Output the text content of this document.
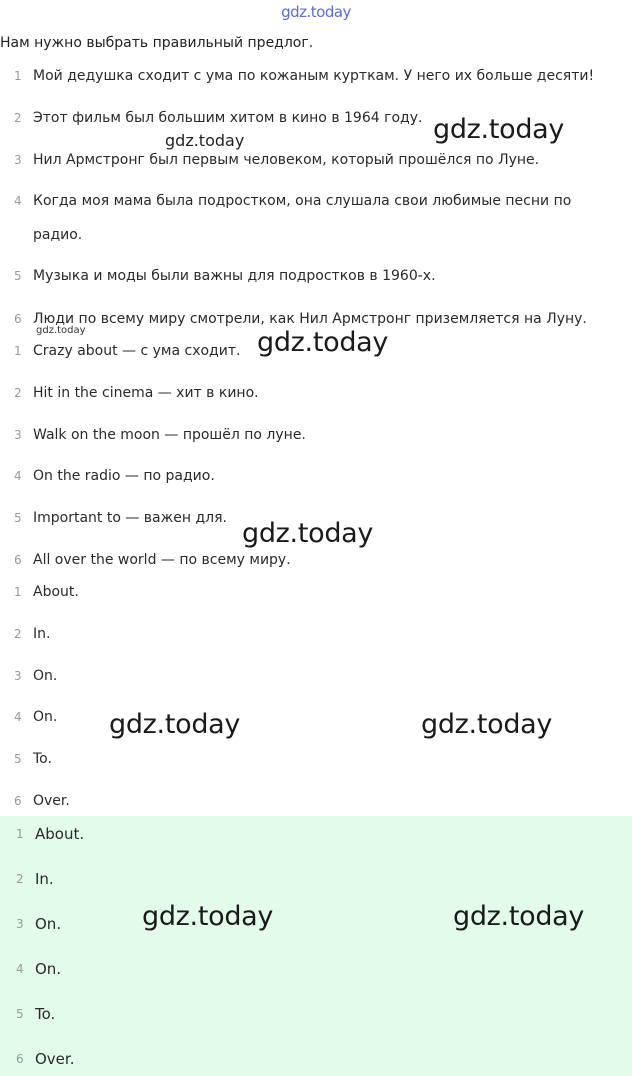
gdz.today
Нам нужно выбрать правильный предлог.
1 Мой дедушка сходит с ума по кожаным курткам. У него их больше десяти!
2 Этот фильм был большим хитом в кино в 1964 году.
3 Нил Армстронг был первым человеком, который прошёлся по Луне.
4 Когда моя мама была подростком, она слушала свои любимые песни по радио.
5 Музыка и моды были важны для подростков в 1960-х.
6 Люди по всему миру смотрели, как Нил Армстронг приземляется на Луну.
1 Crazy about — с ума сходит.
2 Hit in the cinema — хит в кино.
3 Walk on the moon — прошёл по луне.
4 On the radio — по радио.
5 Important to — важен для.
6 All over the world — по всему миру.
1 About.
2 In.
3 On.
4 On.
5 To.
6 Over.
1 About.
2 In.
3 On.
4 On.
5 To.
6 Over.
gdz.today
gdz.today
gdz.today	gdz.today
gdz.today
gdz.today	gdz.today
gdz.today	gdz.today
